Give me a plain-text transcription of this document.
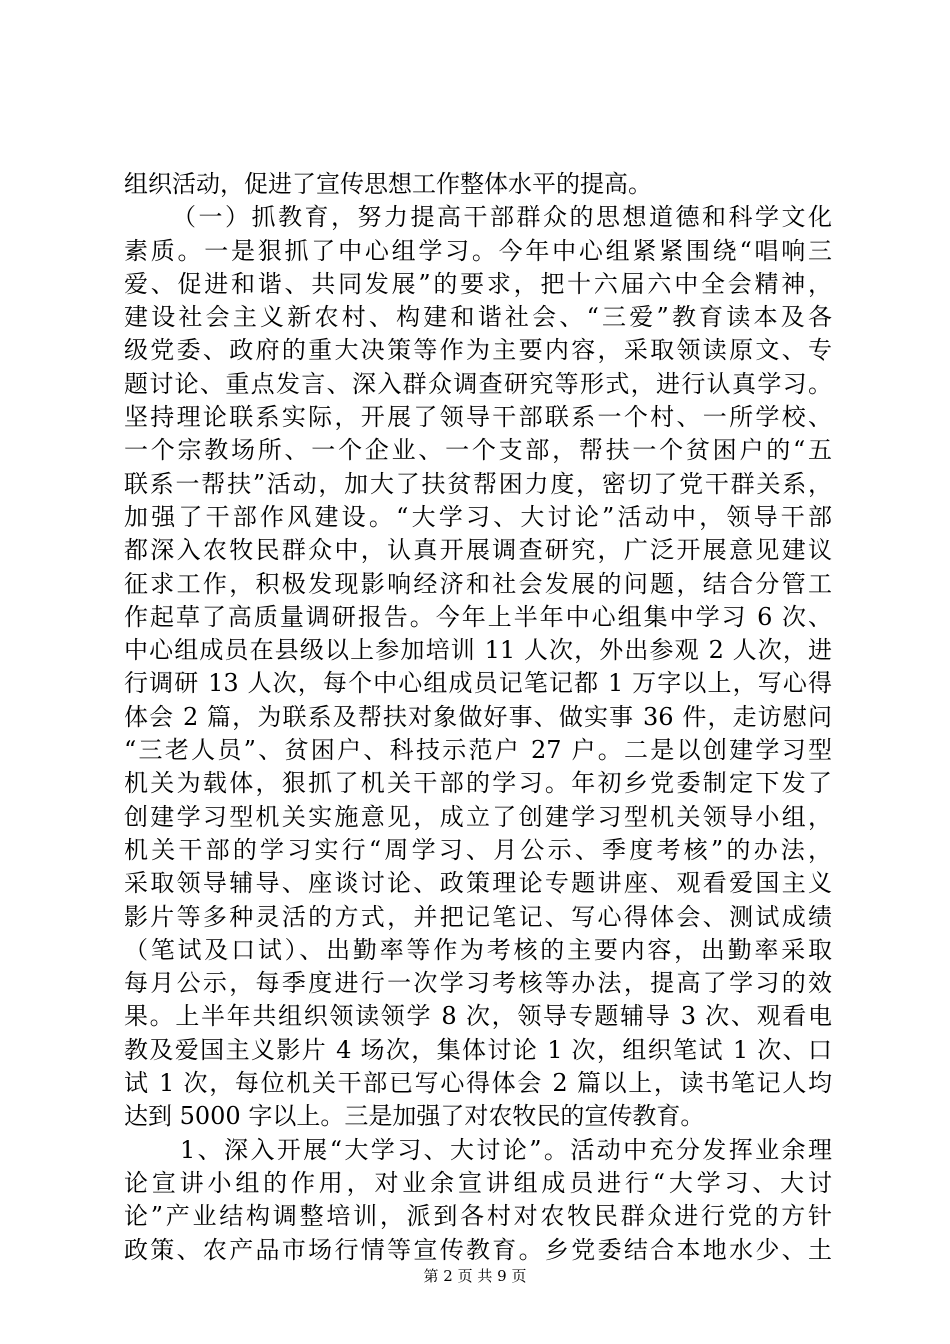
组织活动，促进了宣传思想工作整体水平的提高。
（一）抓教育，努力提高干部群众的思想道德和科学文化
素质。一是狠抓了中心组学习。今年中心组紧紧围绕“唱响三
爱、促进和谐、共同发展”的要求，把十六届六中全会精神，
建设社会主义新农村、构建和谐社会、“三爱”教育读本及各
级党委、政府的重大决策等作为主要内容，采取领读原文、专
题讨论、重点发言、深入群众调查研究等形式，进行认真学习。
坚持理论联系实际，开展了领导干部联系一个村、一所学校、
一个宗教场所、一个企业、一个支部，帮扶一个贫困户的“五
联系一帮扶”活动，加大了扶贫帮困力度，密切了党干群关系，
加强了干部作风建设。“大学习、大讨论”活动中，领导干部
都深入农牧民群众中，认真开展调查研究，广泛开展意见建议
征求工作，积极发现影响经济和社会发展的问题，结合分管工
作起草了高质量调研报告。今年上半年中心组集中学习 6 次、
中心组成员在县级以上参加培训 11 人次，外出参观 2 人次，进
行调研 13 人次，每个中心组成员记笔记都 1 万字以上，写心得
体会 2 篇，为联系及帮扶对象做好事、做实事 36 件，走访慰问
“三老人员”、贫困户、科技示范户 27 户。二是以创建学习型
机关为载体，狠抓了机关干部的学习。年初乡党委制定下发了
创建学习型机关实施意见，成立了创建学习型机关领导小组，
机关干部的学习实行“周学习、月公示、季度考核”的办法，
采取领导辅导、座谈讨论、政策理论专题讲座、观看爱国主义
影片等多种灵活的方式，并把记笔记、写心得体会、测试成绩
（笔试及口试）、出勤率等作为考核的主要内容，出勤率采取
每月公示，每季度进行一次学习考核等办法，提高了学习的效
果。上半年共组织领读领学 8 次，领导专题辅导 3 次、观看电
教及爱国主义影片 4 场次，集体讨论 1 次，组织笔试 1 次、口
试 1 次，每位机关干部已写心得体会 2 篇以上，读书笔记人均
达到 5000 字以上。三是加强了对农牧民的宣传教育。
1、深入开展“大学习、大讨论”。活动中充分发挥业余理
论宣讲小组的作用，对业余宣讲组成员进行“大学习、大讨
论”产业结构调整培训，派到各村对农牧民群众进行党的方针
政策、农产品市场行情等宣传教育。乡党委结合本地水少、土
第 2 页 共 9 页
